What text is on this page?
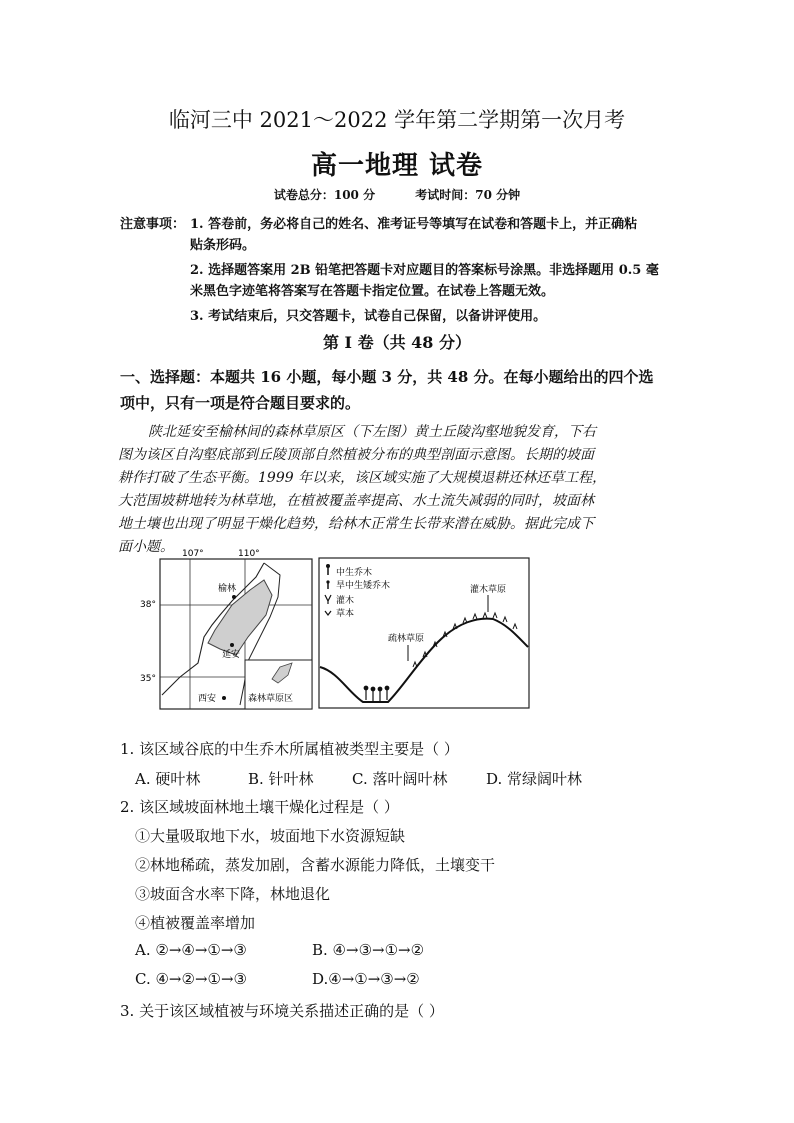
临河三中 2021～2022 学年第二学期第一次月考
高一地理 试卷
试卷总分：100 分	考试时间：70 分钟
注意事项： 1. 答卷前，务必将自己的姓名、准考证号等填写在试卷和答题卡上，并正确粘
贴条形码。
2. 选择题答案用 2B 铅笔把答题卡对应题目的答案标号涂黑。非选择题用 0.5 毫
米黑色字迹笔将答案写在答题卡指定位置。在试卷上答题无效。
3. 考试结束后，只交答题卡，试卷自己保留，以备讲评使用。
第 Ⅰ 卷（共 48 分）
一、选择题：本题共 16 小题，每小题 3 分，共 48 分。在每小题给出的四个选
项中，只有一项是符合题目要求的。
陕北延安至榆林间的森林草原区（下左图）黄土丘陵沟壑地貌发育，下右
图为该区自沟壑底部到丘陵顶部自然植被分布的典型剖面示意图。长期的坡面
耕作打破了生态平衡。1999 年以来，该区域实施了大规模退耕还林还草工程，
大范围坡耕地转为林草地，在植被覆盖率提高、水土流失减弱的同时，坡面林
地土壤也出现了明显干燥化趋势，给林木正常生长带来潜在威胁。据此完成下
面小题。 107°	110°
38°
35°
榆林
延安
西安	森林草原区
中生乔木
旱中生矮乔木
灌木
草本
灌木草原
疏林草原
1. 该区域谷底的中生乔木所属植被类型主要是（ ）
A. 硬叶林	B. 针叶林	C. 落叶阔叶林	D. 常绿阔叶林
2. 该区域坡面林地土壤干燥化过程是（ ）
①大量吸取地下水，坡面地下水资源短缺
②林地稀疏，蒸发加剧，含蓄水源能力降低，土壤变干
③坡面含水率下降，林地退化
④植被覆盖率增加
A. ②→④→①→③	B. ④→③→①→②
C. ④→②→①→③	D.④→①→③→②
3. 关于该区域植被与环境关系描述正确的是（ ）
